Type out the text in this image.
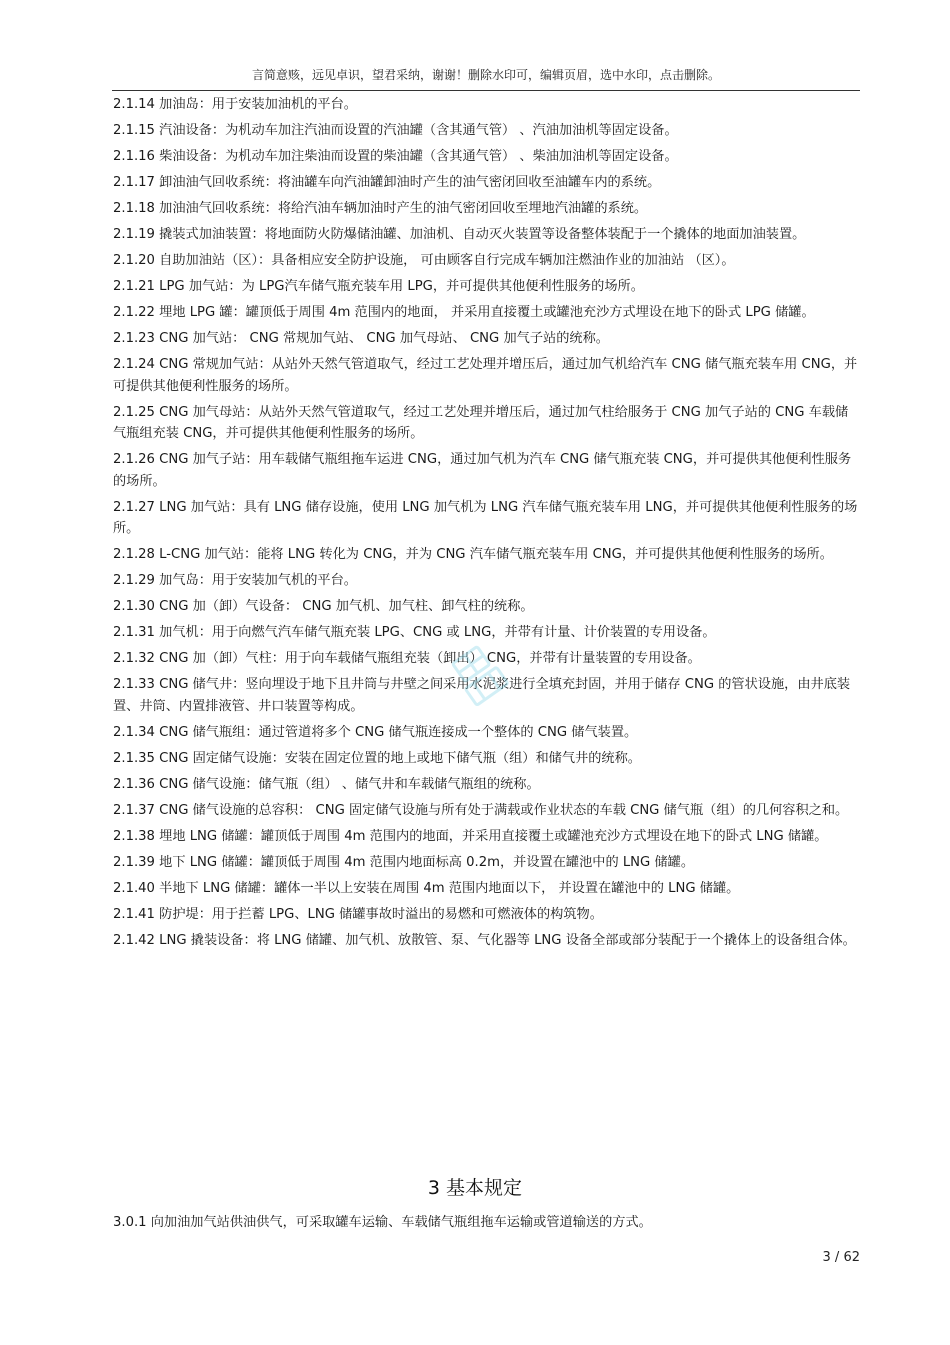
言简意赅，远见卓识，望君采纳，谢谢！删除水印可，编辑页眉，选中水印，点击删除。
2.1.14 加油岛：用于安装加油机的平台。
2.1.15 汽油设备：为机动车加注汽油而设置的汽油罐（含其通气管） 、汽油加油机等固定设备。
2.1.16 柴油设备：为机动车加注柴油而设置的柴油罐（含其通气管） 、柴油加油机等固定设备。
2.1.17 卸油油气回收系统：将油罐车向汽油罐卸油时产生的油气密闭回收至油罐车内的系统。
2.1.18 加油油气回收系统：将给汽油车辆加油时产生的油气密闭回收至埋地汽油罐的系统。
2.1.19 撬装式加油装置：将地面防火防爆储油罐、加油机、自动灭火装置等设备整体装配于一个撬体的地面加油装置。
2.1.20 自助加油站（区）：具备相应安全防护设施， 可由顾客自行完成车辆加注燃油作业的加油站 （区）。
2.1.21 LPG 加气站：为 LPG汽车储气瓶充装车用 LPG，并可提供其他便利性服务的场所。
2.1.22 埋地 LPG 罐：罐顶低于周围 4m 范围内的地面， 并采用直接覆土或罐池充沙方式埋设在地下的卧式 LPG 储罐。
2.1.23 CNG 加气站： CNG 常规加气站、 CNG 加气母站、 CNG 加气子站的统称。
2.1.24 CNG 常规加气站：从站外天然气管道取气，经过工艺处理并增压后，通过加气机给汽车 CNG 储气瓶充装车用 CNG，并可提供其他便利性服务的场所。
2.1.25 CNG 加气母站：从站外天然气管道取气，经过工艺处理并增压后，通过加气柱给服务于 CNG 加气子站的 CNG 车载储气瓶组充装 CNG，并可提供其他便利性服务的场所。
2.1.26 CNG 加气子站：用车载储气瓶组拖车运进 CNG，通过加气机为汽车 CNG 储气瓶充装 CNG，并可提供其他便利性服务的场所。
2.1.27 LNG 加气站：具有 LNG 储存设施，使用 LNG 加气机为 LNG 汽车储气瓶充装车用 LNG，并可提供其他便利性服务的场所。
2.1.28 L-CNG 加气站：能将 LNG 转化为 CNG，并为 CNG 汽车储气瓶充装车用 CNG，并可提供其他便利性服务的场所。
2.1.29 加气岛：用于安装加气机的平台。
2.1.30 CNG 加（卸）气设备： CNG 加气机、加气柱、卸气柱的统称。
2.1.31 加气机：用于向燃气汽车储气瓶充装 LPG、CNG 或 LNG，并带有计量、计价装置的专用设备。
2.1.32 CNG 加（卸）气柱：用于向车载储气瓶组充装（卸出） CNG，并带有计量装置的专用设备。
2.1.33 CNG 储气井：竖向埋设于地下且井筒与井壁之间采用水泥浆进行全填充封固，并用于储存 CNG 的管状设施，由井底装置、井筒、内置排液管、井口装置等构成。
2.1.34 CNG 储气瓶组：通过管道将多个 CNG 储气瓶连接成一个整体的 CNG 储气装置。
2.1.35 CNG 固定储气设施：安装在固定位置的地上或地下储气瓶（组）和储气井的统称。
2.1.36 CNG 储气设施：储气瓶（组） 、储气井和车载储气瓶组的统称。
2.1.37 CNG 储气设施的总容积： CNG 固定储气设施与所有处于满载或作业状态的车载 CNG 储气瓶（组）的几何容积之和。
2.1.38 埋地 LNG 储罐：罐顶低于周围 4m 范围内的地面，并采用直接覆土或罐池充沙方式埋设在地下的卧式 LNG 储罐。
2.1.39 地下 LNG 储罐：罐顶低于周围 4m 范围内地面标高 0.2m，并设置在罐池中的 LNG 储罐。
2.1.40 半地下 LNG 储罐：罐体一半以上安装在周围 4m 范围内地面以下， 并设置在罐池中的 LNG 储罐。
2.1.41 防护堤：用于拦蓄 LPG、LNG 储罐事故时溢出的易燃和可燃液体的构筑物。
2.1.42 LNG 撬装设备：将 LNG 储罐、加气机、放散管、泵、气化器等 LNG 设备全部或部分装配于一个撬体上的设备组合体。
3 基本规定
3.0.1 向加油加气站供油供气，可采取罐车运输、车载储气瓶组拖车运输或管道输送的方式。
3 / 62
